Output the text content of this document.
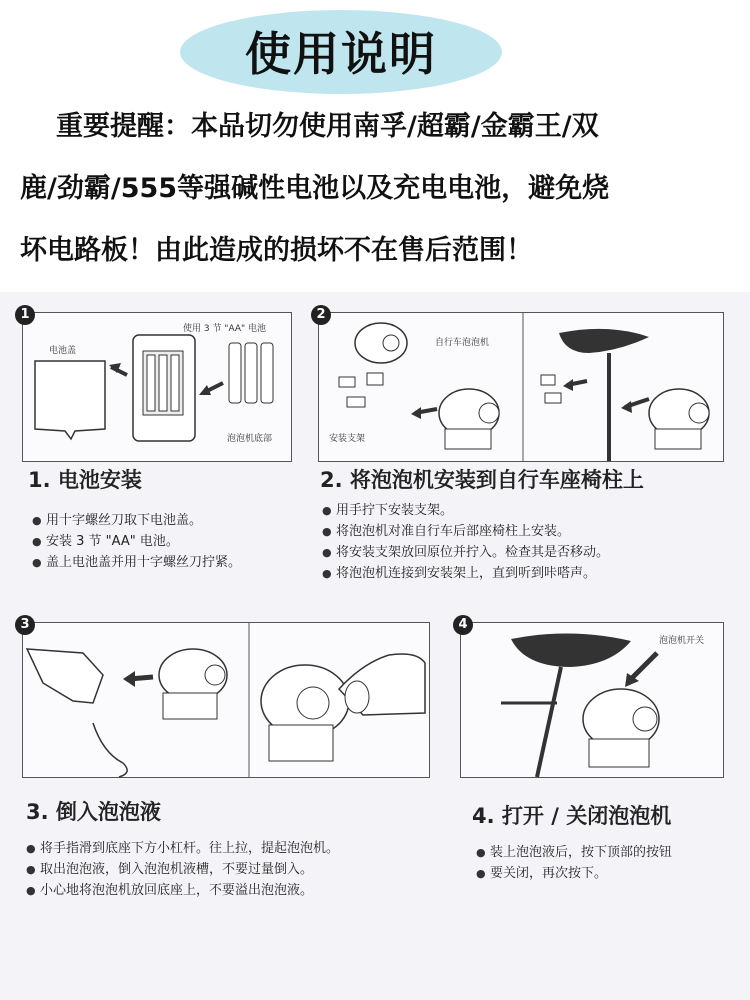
使用说明
重要提醒：本品切勿使用南孚/超霸/金霸王/双
鹿/劲霸/555等强碱性电池以及充电电池，避免烧
坏电路板！由此造成的损坏不在售后范围！
1
电池盖
使用 3 节 "AA" 电池
泡泡机底部
1. 电池安装
● 用十字螺丝刀取下电池盖。
● 安装 3 节 "AA" 电池。
● 盖上电池盖并用十字螺丝刀拧紧。
2
自行车泡泡机
安装支架
2. 将泡泡机安装到自行车座椅柱上
● 用手拧下安装支架。
● 将泡泡机对准自行车后部座椅柱上安装。
● 将安装支架放回原位并拧入。检查其是否移动。
● 将泡泡机连接到安装架上，直到听到咔嗒声。
3
3. 倒入泡泡液
● 将手指滑到底座下方小杠杆。往上拉，提起泡泡机。
● 取出泡泡液，倒入泡泡机液槽，不要过量倒入。
● 小心地将泡泡机放回底座上，不要溢出泡泡液。
4
泡泡机开关
4. 打开 / 关闭泡泡机
● 装上泡泡液后，按下顶部的按钮
● 要关闭，再次按下。
